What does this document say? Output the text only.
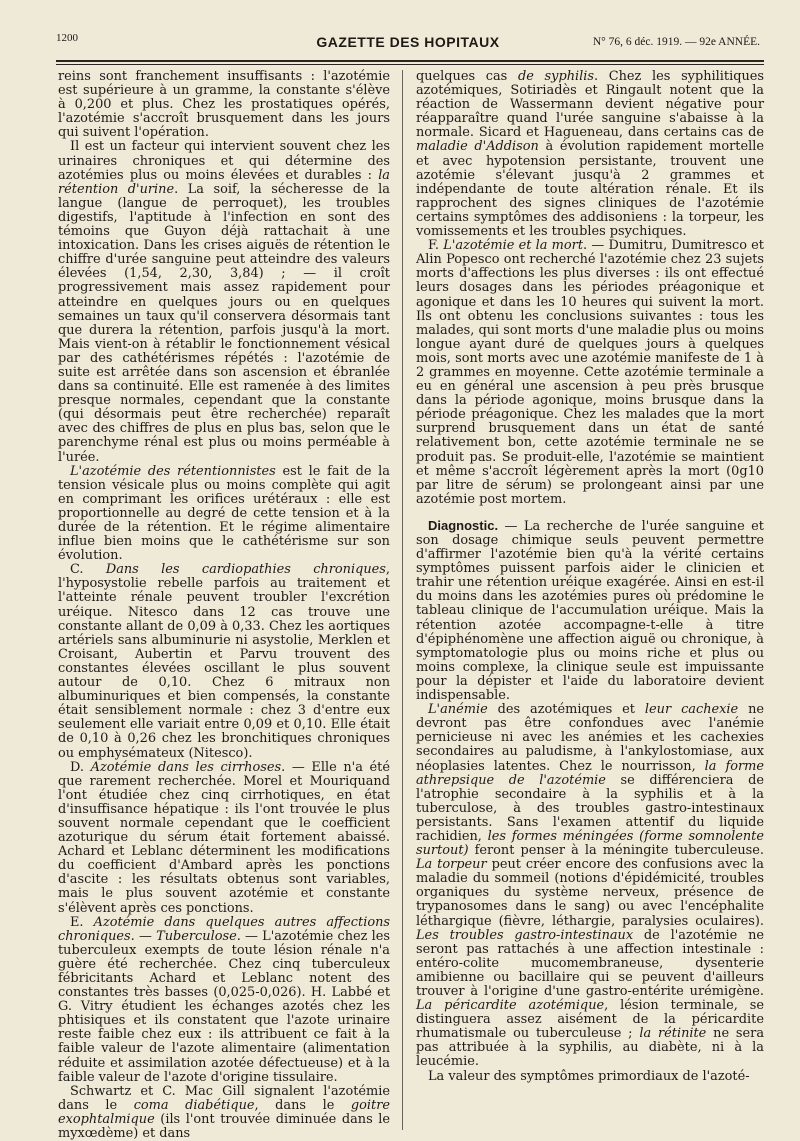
1200	GAZETTE DES HOPITAUX	N° 76, 6 déc. 1919. — 92e ANNÉE.

reins sont franchement insuffisants : l'azotémie est supérieure à un gramme, la constante s'élève à 0,200 et plus. Chez les prostatiques opérés, l'azotémie s'accroît brusquement dans les jours qui suivent l'opération.

Il est un facteur qui intervient souvent chez les urinaires chroniques et qui détermine des azotémies plus ou moins élevées et durables : la rétention d'urine. La soif, la sécheresse de la langue (langue de perroquet), les troubles digestifs, l'aptitude à l'infection en sont des témoins que Guyon déjà rattachait à une intoxication. Dans les crises aiguës de rétention le chiffre d'urée sanguine peut atteindre des valeurs élevées (1,54, 2,30, 3,84) ; — il croît progressivement mais assez rapidement pour atteindre en quelques jours ou en quelques semaines un taux qu'il conservera désormais tant que durera la rétention, parfois jusqu'à la mort. Mais vient-on à rétablir le fonctionnement vésical par des cathétérismes répétés : l'azotémie de suite est arrêtée dans son ascension et ébranlée dans sa continuité. Elle est ramenée à des limites presque normales, cependant que la constante (qui désormais peut être recherchée) reparaît avec des chiffres de plus en plus bas, selon que le parenchyme rénal est plus ou moins perméable à l'urée.

L'azotémie des rétentionnistes est le fait de la tension vésicale plus ou moins complète qui agit en comprimant les orifices urétéraux : elle est proportionnelle au degré de cette tension et à la durée de la rétention. Et le régime alimentaire influe bien moins que le cathétérisme sur son évolution.

C. Dans les cardiopathies chroniques, l'hyposystolie rebelle parfois au traitement et l'atteinte rénale peuvent troubler l'excrétion uréique. Nitesco dans 12 cas trouve une constante allant de 0,09 à 0,33. Chez les aortiques artériels sans albuminurie ni asystolie, Merklen et Croisant, Aubertin et Parvu trouvent des constantes élevées oscillant le plus souvent autour de 0,10. Chez 6 mitraux non albuminuriques et bien compensés, la constante était sensiblement normale : chez 3 d'entre eux seulement elle variait entre 0,09 et 0,10. Elle était de 0,10 à 0,26 chez les bronchitiques chroniques ou emphysémateux (Nitesco).

D. Azotémie dans les cirrhoses. — Elle n'a été que rarement recherchée. Morel et Mouriquand l'ont étudiée chez cinq cirrhotiques, en état d'insuffisance hépatique : ils l'ont trouvée le plus souvent normale cependant que le coefficient azoturique du sérum était fortement abaissé. Achard et Leblanc déterminent les modifications du coefficient d'Ambard après les ponctions d'ascite : les résultats obtenus sont variables, mais le plus souvent azotémie et constante s'élèvent après ces ponctions.

E. Azotémie dans quelques autres affections chroniques. — Tuberculose. — L'azotémie chez les tuberculeux exempts de toute lésion rénale n'a guère été recherchée. Chez cinq tuberculeux fébricitants Achard et Leblanc notent des constantes très basses (0,025-0,026). H. Labbé et G. Vitry étudient les échanges azotés chez les phtisiques et ils constatent que l'azote urinaire reste faible chez eux : ils attribuent ce fait à la faible valeur de l'azote alimentaire (alimentation réduite et assimilation azotée défectueuse) et à la faible valeur de l'azote d'origine tissulaire.

Schwartz et C. Mac Gill signalent l'azotémie dans le coma diabétique, dans le goitre exophtalmique (ils l'ont trouvée diminuée dans le myxœdème) et dans

quelques cas de syphilis. Chez les syphilitiques azotémiques, Sotiriadès et Ringault notent que la réaction de Wassermann devient négative pour réapparaître quand l'urée sanguine s'abaisse à la normale. Sicard et Hagueneau, dans certains cas de maladie d'Addison à évolution rapidement mortelle et avec hypotension persistante, trouvent une azotémie s'élevant jusqu'à 2 grammes et indépendante de toute altération rénale. Et ils rapprochent des signes cliniques de l'azotémie certains symptômes des addisoniens : la torpeur, les vomissements et les troubles psychiques.

F. L'azotémie et la mort. — Dumitru, Dumitresco et Alin Popesco ont recherché l'azotémie chez 23 sujets morts d'affections les plus diverses : ils ont effectué leurs dosages dans les périodes préagonique et agonique et dans les 10 heures qui suivent la mort. Ils ont obtenu les conclusions suivantes : tous les malades, qui sont morts d'une maladie plus ou moins longue ayant duré de quelques jours à quelques mois, sont morts avec une azotémie manifeste de 1 à 2 grammes en moyenne. Cette azotémie terminale a eu en général une ascension à peu près brusque dans la période agonique, moins brusque dans la période préagonique. Chez les malades que la mort surprend brusquement dans un état de santé relativement bon, cette azotémie terminale ne se produit pas. Se produit-elle, l'azotémie se maintient et même s'accroît légèrement après la mort (0g10 par litre de sérum) se prolongeant ainsi par une azotémie post mortem.

Diagnostic. — La recherche de l'urée sanguine et son dosage chimique seuls peuvent permettre d'affirmer l'azotémie bien qu'à la vérité certains symptômes puissent parfois aider le clinicien et trahir une rétention uréique exagérée. Ainsi en est-il du moins dans les azotémies pures où prédomine le tableau clinique de l'accumulation uréique. Mais la rétention azotée accompagne-t-elle à titre d'épiphénomène une affection aiguë ou chronique, à symptomatologie plus ou moins riche et plus ou moins complexe, la clinique seule est impuissante pour la dépister et l'aide du laboratoire devient indispensable.

L'anémie des azotémiques et leur cachexie ne devront pas être confondues avec l'anémie pernicieuse ni avec les anémies et les cachexies secondaires au paludisme, à l'ankylostomiase, aux néoplasies latentes. Chez le nourrisson, la forme athrepsique de l'azotémie se différenciera de l'atrophie secondaire à la syphilis et à la tuberculose, à des troubles gastro-intestinaux persistants. Sans l'examen attentif du liquide rachidien, les formes méningées (forme somnolente surtout) feront penser à la méningite tuberculeuse. La torpeur peut créer encore des confusions avec la maladie du sommeil (notions d'épidémicité, troubles organiques du système nerveux, présence de trypanosomes dans le sang) ou avec l'encéphalite léthargique (fièvre, léthargie, paralysies oculaires). Les troubles gastro-intestinaux de l'azotémie ne seront pas rattachés à une affection intestinale : entéro-colite mucomembraneuse, dysenterie amibienne ou bacillaire qui se peuvent d'ailleurs trouver à l'origine d'une gastro-entérite urémigène. La péricardite azotémique, lésion terminale, se distinguera assez aisément de la péricardite rhumatismale ou tuberculeuse ; la rétinite ne sera pas attribuée à la syphilis, au diabète, ni à la leucémie.

La valeur des symptômes primordiaux de l'azoté-
